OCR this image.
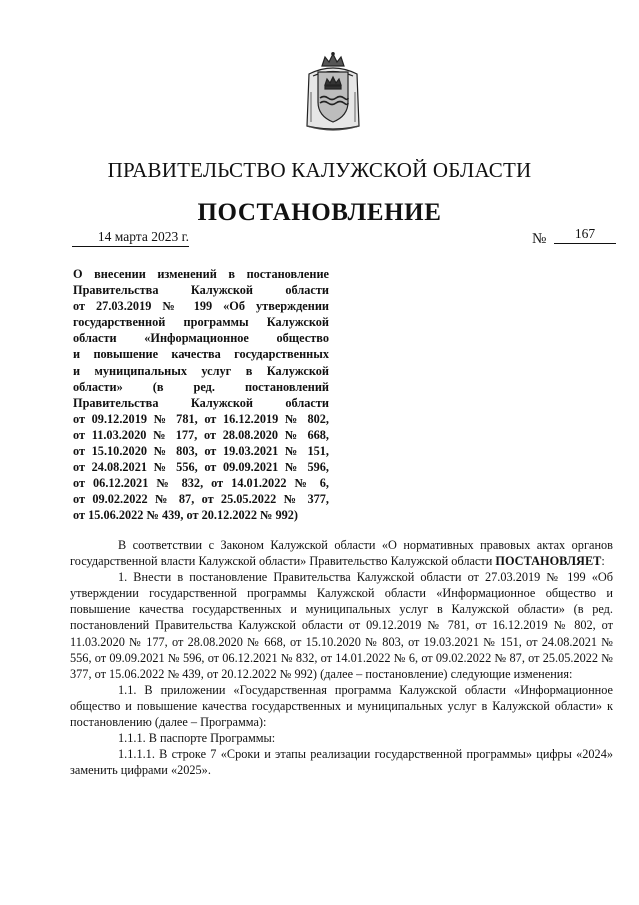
ПРАВИТЕЛЬСТВО КАЛУЖСКОЙ ОБЛАСТИ
ПОСТАНОВЛЕНИЕ
14 марта 2023 г.	№	167
О внесении изменений в постановление
Правительства Калужской области
от 27.03.2019 № 199 «Об утверждении
государственной программы Калужской
области «Информационное общество
и повышение качества государственных
и муниципальных услуг в Калужской
области» (в ред. постановлений
Правительства Калужской области
от 09.12.2019 № 781, от 16.12.2019 № 802,
от 11.03.2020 № 177, от 28.08.2020 № 668,
от 15.10.2020 № 803, от 19.03.2021 № 151,
от 24.08.2021 № 556, от 09.09.2021 № 596,
от 06.12.2021 № 832, от 14.01.2022 № 6,
от 09.02.2022 № 87, от 25.05.2022 № 377,
от 15.06.2022 № 439, от 20.12.2022 № 992)

В соответствии с Законом Калужской области «О нормативных правовых актах органов государственной власти Калужской области» Правительство Калужской области ПОСТАНОВЛЯЕТ:

1. Внести в постановление Правительства Калужской области от 27.03.2019 № 199 «Об утверждении государственной программы Калужской области «Информационное общество и повышение качества государственных и муниципальных услуг в Калужской области» (в ред. постановлений Правительства Калужской области от 09.12.2019 № 781, от 16.12.2019 № 802, от 11.03.2020 № 177, от 28.08.2020 № 668, от 15.10.2020 № 803, от 19.03.2021 № 151, от 24.08.2021 № 556, от 09.09.2021 № 596, от 06.12.2021 № 832, от 14.01.2022 № 6, от 09.02.2022 № 87, от 25.05.2022 № 377, от 15.06.2022 № 439, от 20.12.2022 № 992) (далее – постановление) следующие изменения:

1.1. В приложении «Государственная программа Калужской области «Информационное общество и повышение качества государственных и муниципальных услуг в Калужской области» к постановлению (далее – Программа):

1.1.1. В паспорте Программы:

1.1.1.1. В строке 7 «Сроки и этапы реализации государственной программы» цифры «2024» заменить цифрами «2025».
